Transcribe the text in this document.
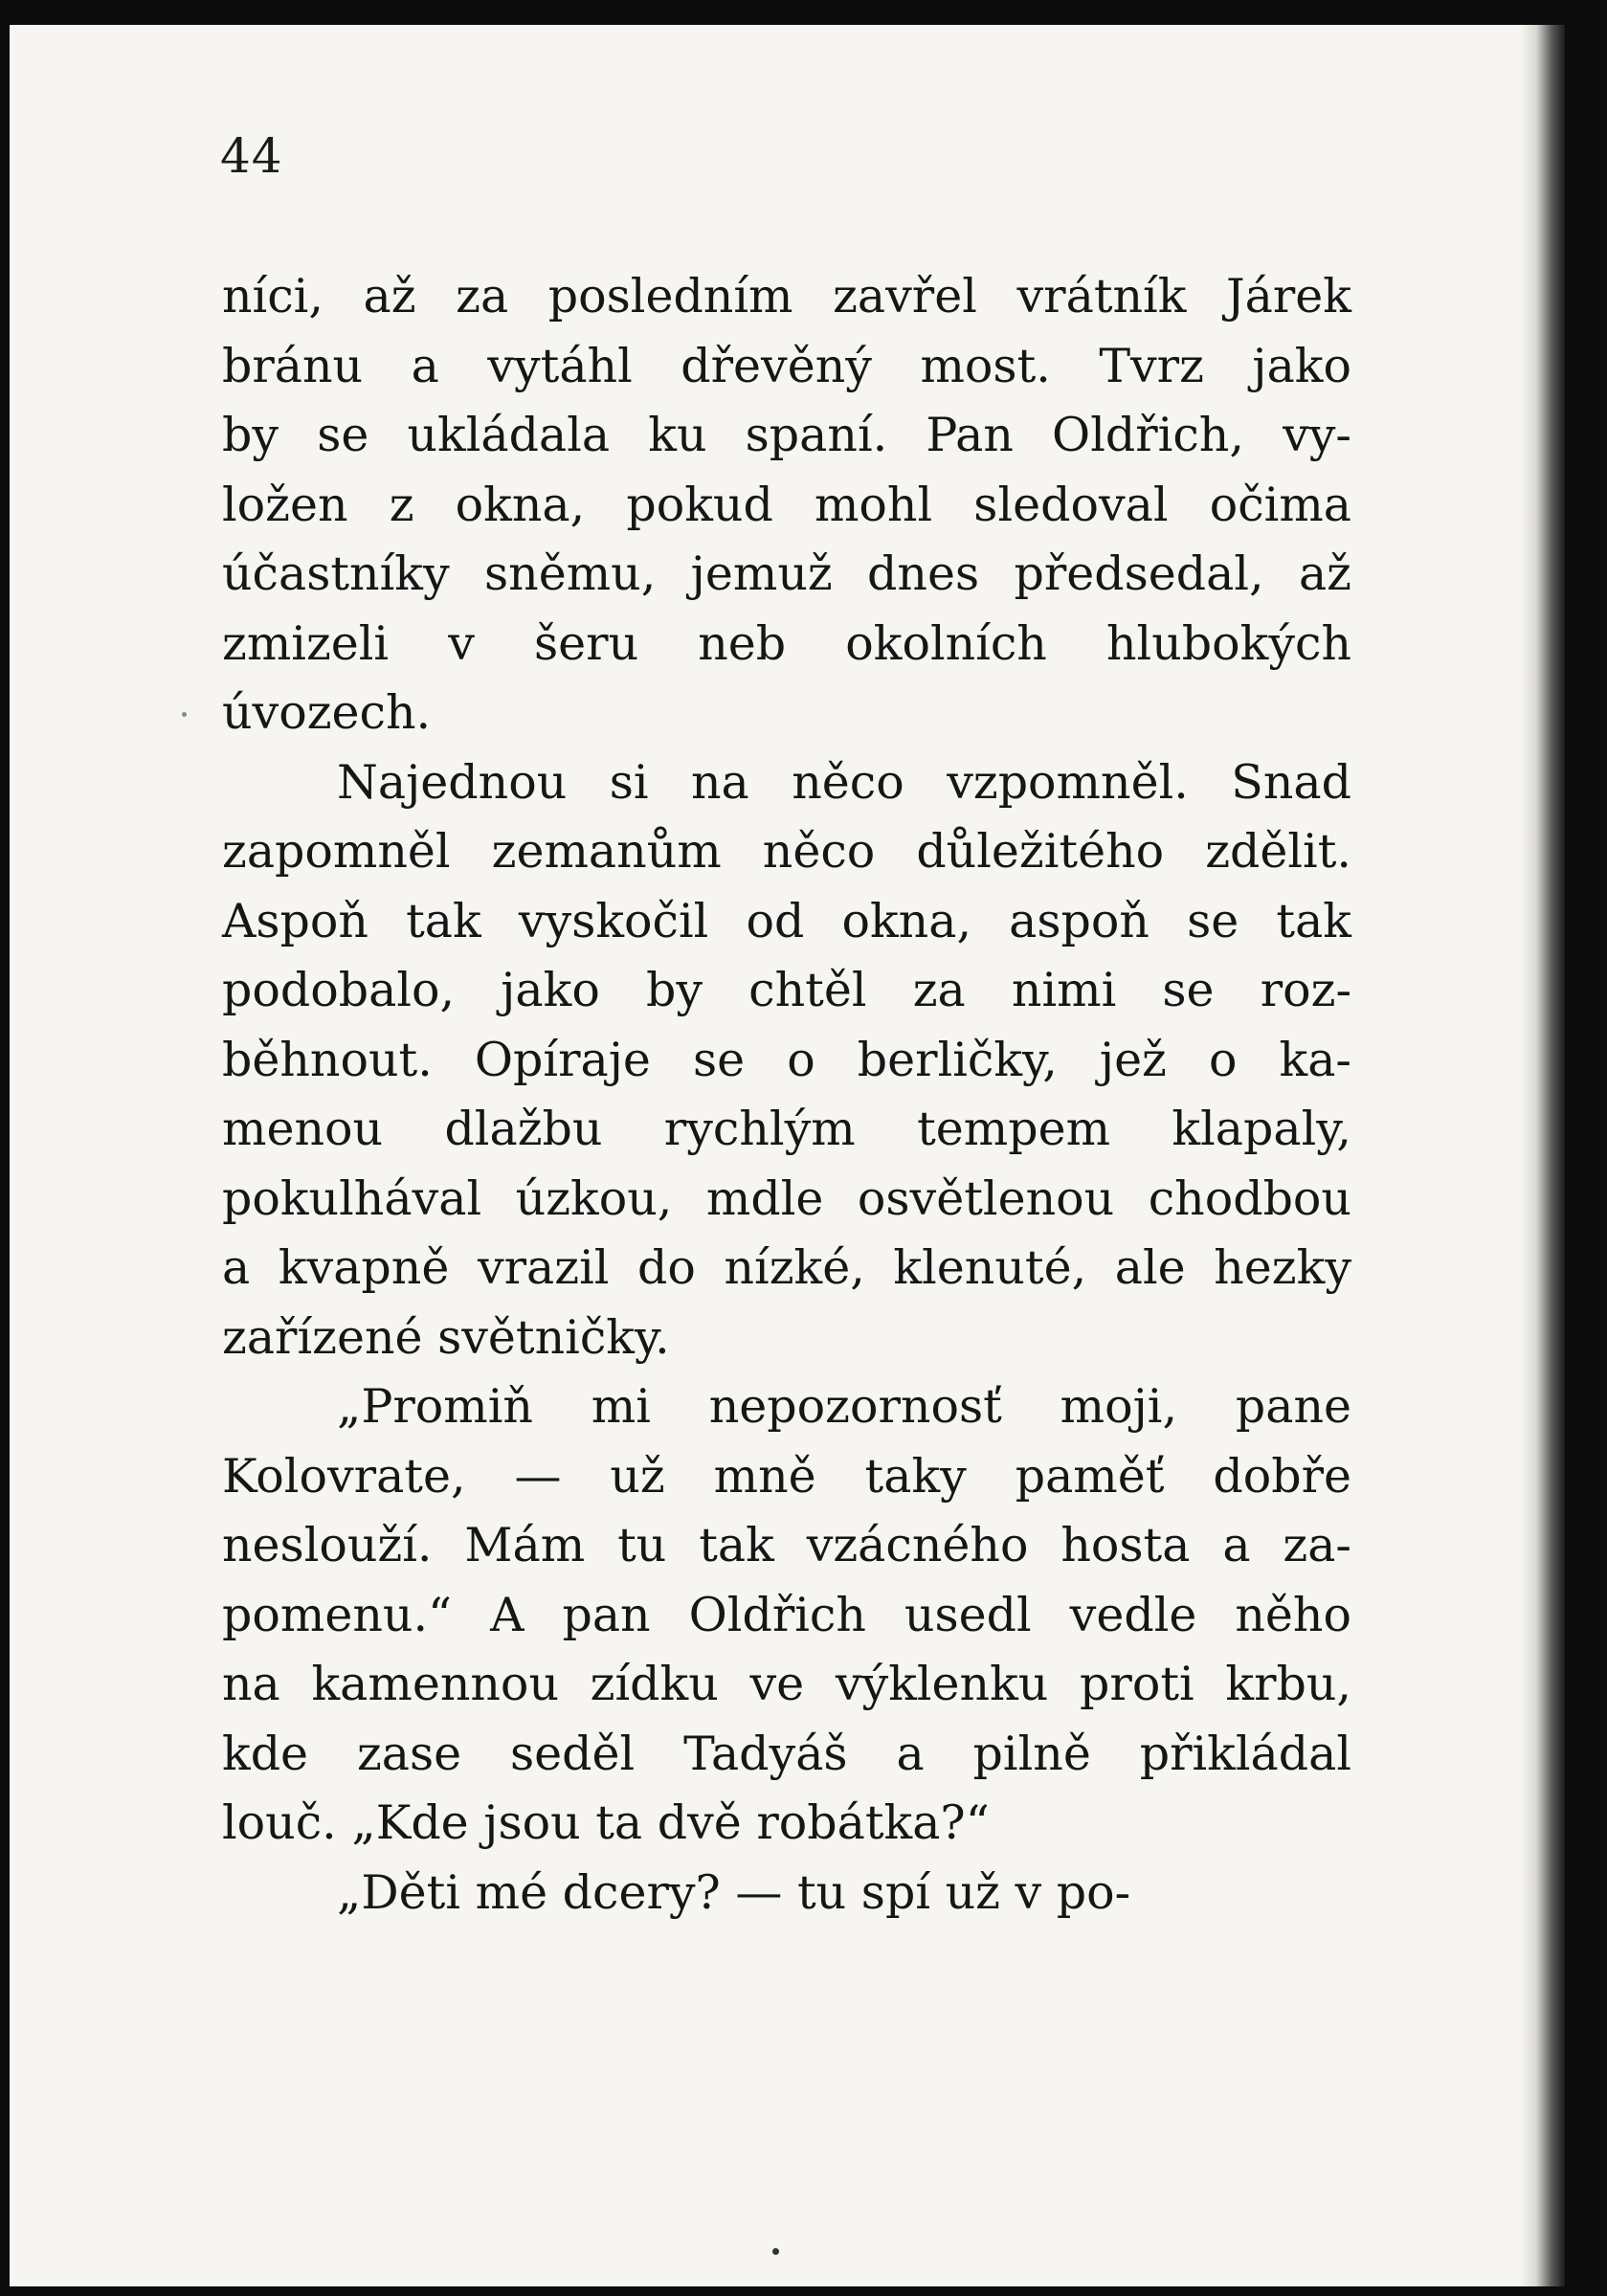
44
níci, až za posledním zavřel vrátník Járek
bránu a vytáhl dřevěný most. Tvrz jako
by se ukládala ku spaní. Pan Oldřich, vy-
ložen z okna, pokud mohl sledoval očima
účastníky sněmu, jemuž dnes předsedal, až
zmizeli v šeru neb okolních hlubokých
úvozech.
Najednou si na něco vzpomněl. Snad
zapomněl zemanům něco důležitého zdělit.
Aspoň tak vyskočil od okna, aspoň se tak
podobalo, jako by chtěl za nimi se roz-
běhnout. Opíraje se o berličky, jež o ka-
menou dlažbu rychlým tempem klapaly,
pokulhával úzkou, mdle osvětlenou chodbou
a kvapně vrazil do nízké, klenuté, ale hezky
zařízené světničky.
„Promiň mi nepozornosť moji, pane
Kolovrate, — už mně taky paměť dobře
neslouží. Mám tu tak vzácného hosta a za-
pomenu.“ A pan Oldřich usedl vedle něho
na kamennou zídku ve výklenku proti krbu,
kde zase seděl Tadyáš a pilně přikládal
louč. „Kde jsou ta dvě robátka?“
„Děti mé dcery? — tu spí už v po-
